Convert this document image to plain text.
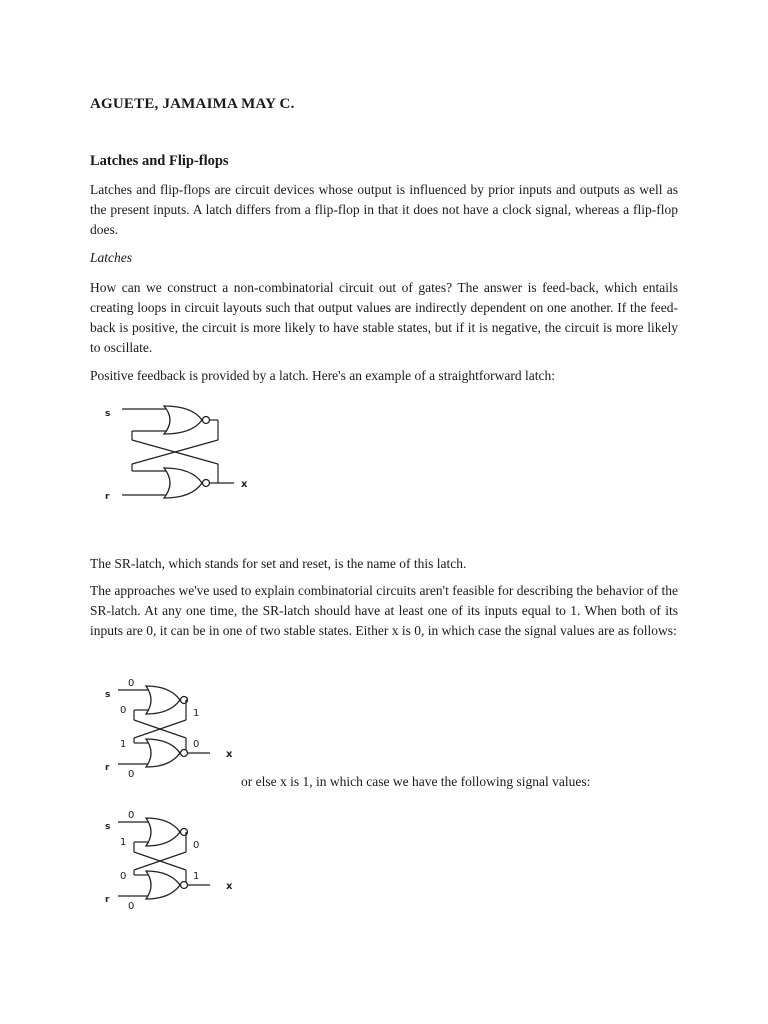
AGUETE, JAMAIMA MAY C.

Latches and Flip-flops

Latches and flip-flops are circuit devices whose output is influenced by prior inputs and outputs as well as the present inputs. A latch differs from a flip-flop in that it does not have a clock signal, whereas a flip-flop does.

Latches

How can we construct a non-combinatorial circuit out of gates? The answer is feed-back, which entails creating loops in circuit layouts such that output values are indirectly dependent on one another. If the feed-back is positive, the circuit is more likely to have stable states, but if it is negative, the circuit is more likely to oscillate.

Positive feedback is provided by a latch. Here's an example of a straightforward latch:

s
x
r

The SR-latch, which stands for set and reset, is the name of this latch.

The approaches we've used to explain combinatorial circuits aren't feasible for describing the behavior of the SR-latch. At any one time, the SR-latch should have at least one of its inputs equal to 1. When both of its inputs are 0, it can be in one of two stable states. Either x is 0, in which case the signal values are as follows:

s
0
0	1
1	0
x
r
0	or else x is 1, in which case we have the following signal values:

s
0
1	0
0	1
x
r
0
